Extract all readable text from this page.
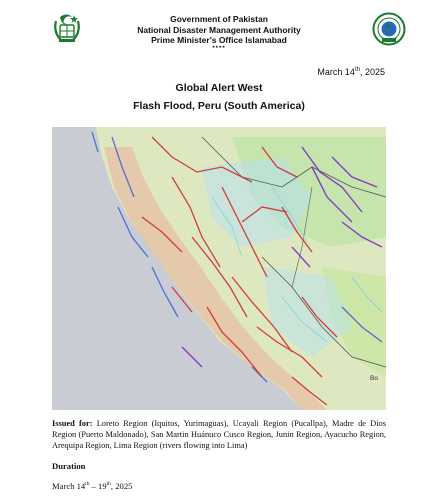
Government of Pakistan
National Disaster Management Authority
Prime Minister's Office Islamabad
****
March 14th, 2025
Global Alert West
Flash Flood, Peru (South America)
Bo
Issued for: Loreto Region (Iquitos, Yurimaguas), Ucayali Region (Pucallpa), Madre de Dios Region (Puerto Maldonado), San Martin Huánuco Cusco Region, Junin Region, Ayacucho Region, Arequipa Region, Lima Region (rivers flowing into Lima)
Duration
March 14th – 19th, 2025
